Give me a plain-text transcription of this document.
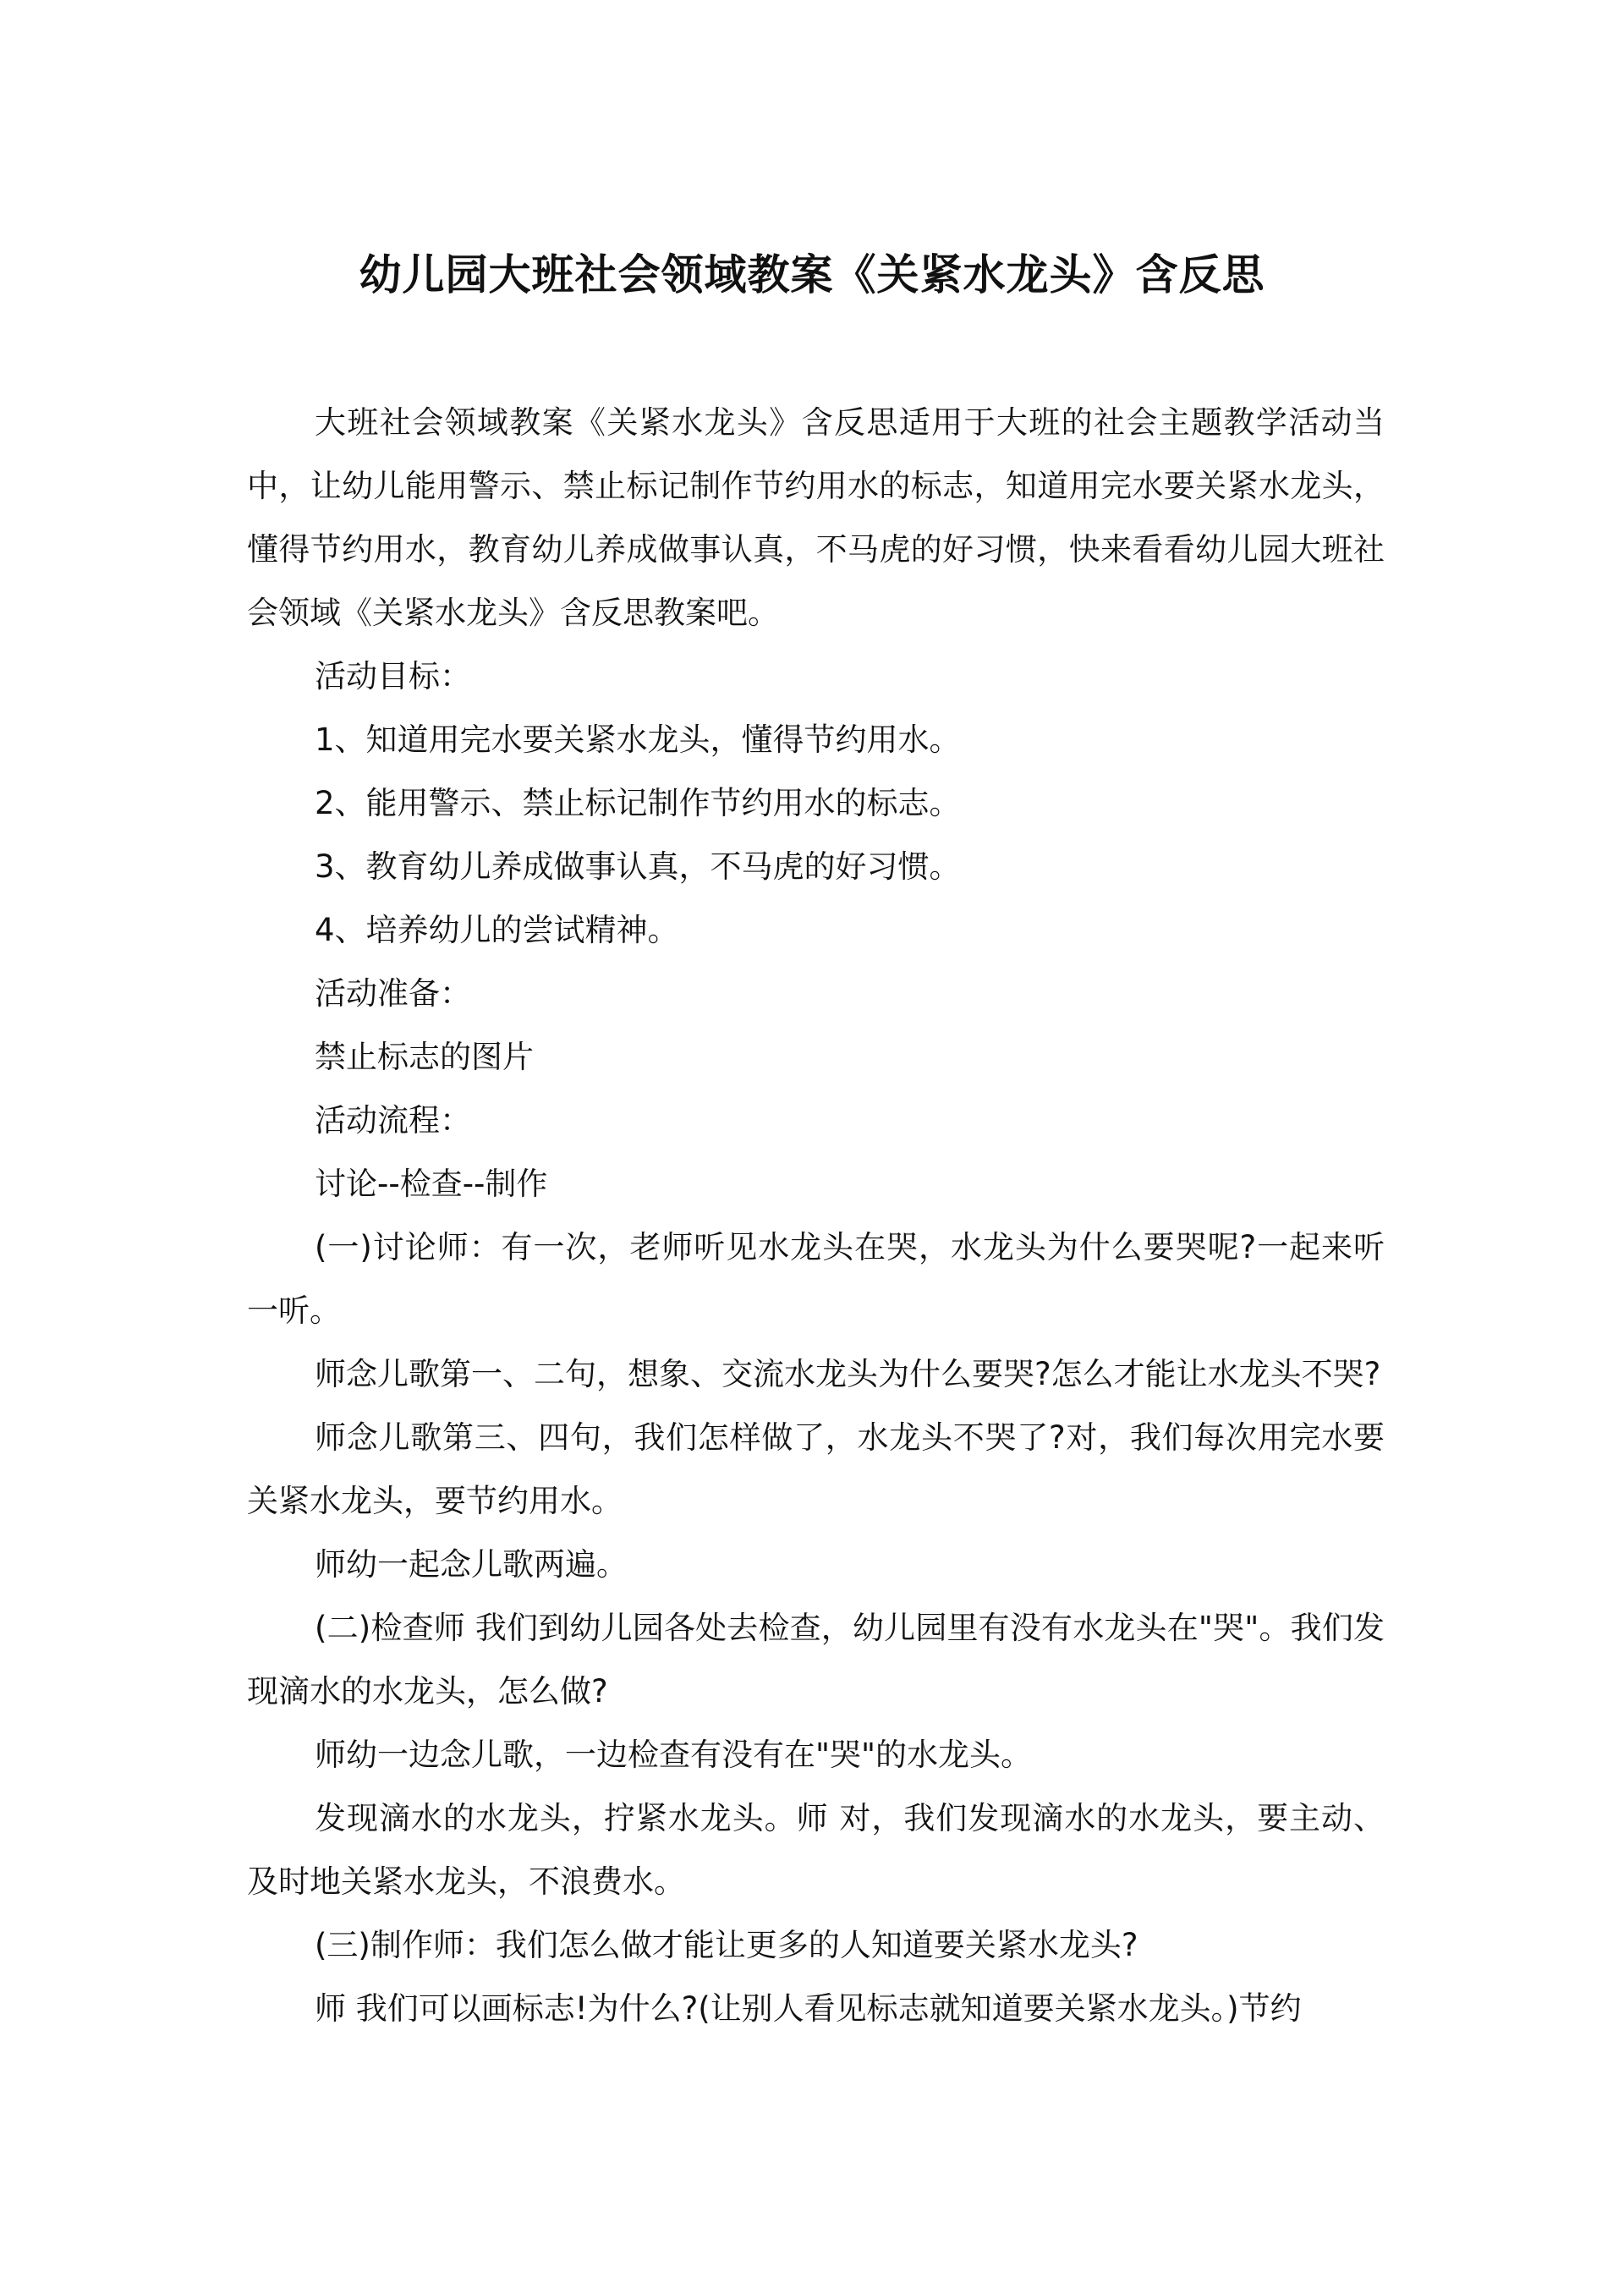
幼儿园大班社会领域教案《关紧水龙头》含反思

大班社会领域教案《关紧水龙头》含反思适用于大班的社会主题教学活动当中，让幼儿能用警示、禁止标记制作节约用水的标志，知道用完水要关紧水龙头，懂得节约用水，教育幼儿养成做事认真，不马虎的好习惯，快来看看幼儿园大班社会领域《关紧水龙头》含反思教案吧。

活动目标：

1、知道用完水要关紧水龙头，懂得节约用水。

2、能用警示、禁止标记制作节约用水的标志。

3、教育幼儿养成做事认真，不马虎的好习惯。

4、培养幼儿的尝试精神。

活动准备：

禁止标志的图片

活动流程：

讨论--检查--制作

(一)讨论师：有一次，老师听见水龙头在哭，水龙头为什么要哭呢?一起来听一听。

师念儿歌第一、二句，想象、交流水龙头为什么要哭?怎么才能让水龙头不哭?

师念儿歌第三、四句，我们怎样做了，水龙头不哭了?对，我们每次用完水要关紧水龙头，要节约用水。

师幼一起念儿歌两遍。

(二)检查师 我们到幼儿园各处去检查，幼儿园里有没有水龙头在"哭"。我们发现滴水的水龙头，怎么做?

师幼一边念儿歌，一边检查有没有在"哭"的水龙头。

发现滴水的水龙头，拧紧水龙头。师 对，我们发现滴水的水龙头，要主动、及时地关紧水龙头，不浪费水。

(三)制作师：我们怎么做才能让更多的人知道要关紧水龙头?

师 我们可以画标志!为什么?(让别人看见标志就知道要关紧水龙头。)节约
